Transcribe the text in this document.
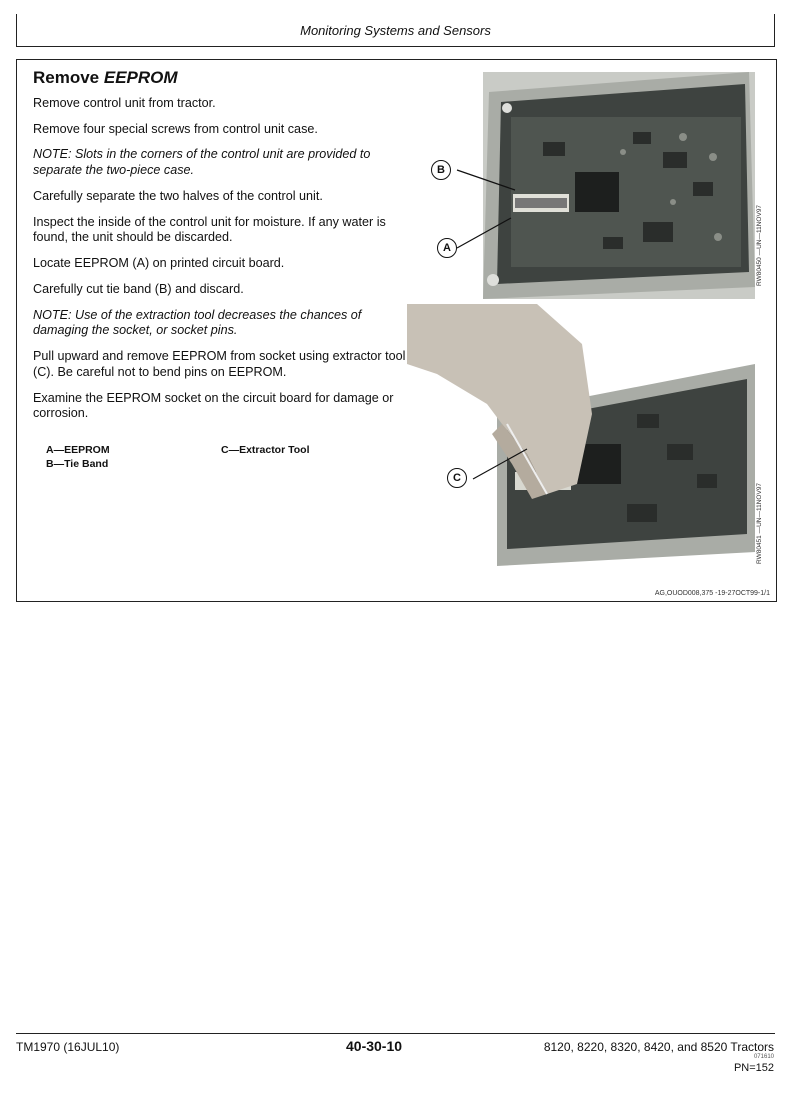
Monitoring Systems and Sensors
Remove EEPROM

Remove control unit from tractor.

Remove four special screws from control unit case.

NOTE: Slots in the corners of the control unit are provided to separate the two-piece case.

Carefully separate the two halves of the control unit.

Inspect the inside of the control unit for moisture. If any water is found, the unit should be discarded.

Locate EEPROM (A) on printed circuit board.

Carefully cut tie band (B) and discard.

NOTE: Use of the extraction tool decreases the chances of damaging the socket, or socket pins.

Pull upward and remove EEPROM from socket using extractor tool (C). Be careful not to bend pins on EEPROM.

Examine the EEPROM socket on the circuit board for damage or corrosion.

A—EEPROM
B—Tie Band
C—Extractor Tool
B
A	RW80450 —UN—11NOV97
C
RW80451 —UN—11NOV97
AG,OUOD008,375 -19-27OCT99-1/1
TM1970 (16JUL10)	40-30-10	8120, 8220, 8320, 8420, and 8520 Tractors
071610
PN=152
